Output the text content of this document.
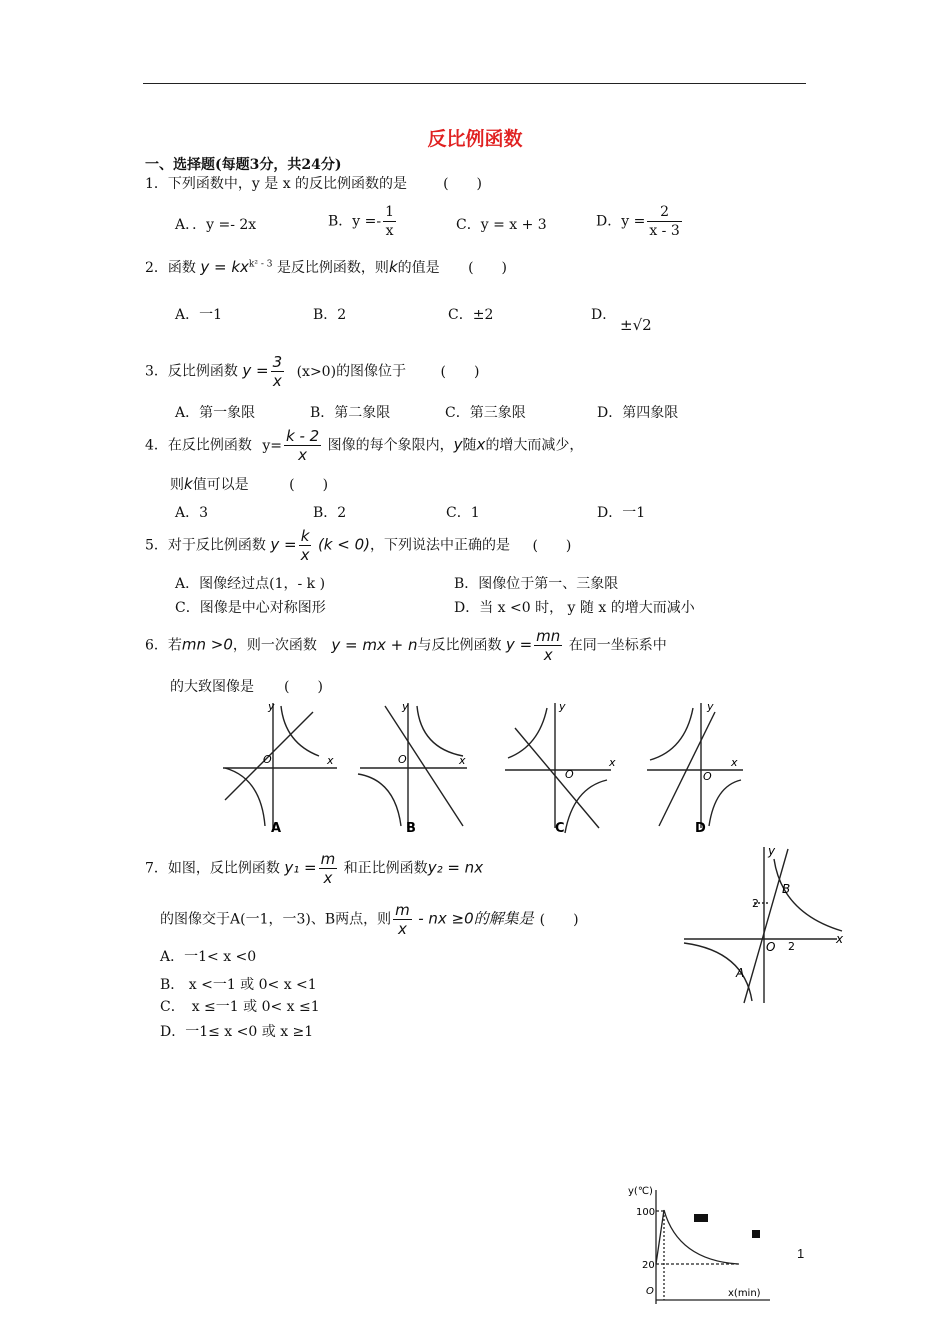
反比例函数
一、选择题(每题3分，共24分)
1．下列函数中，y 是 x 的反比例函数的是	(　　)
A．．y =- 2x	B．$y =- \frac{1}{x}$	C．y = x + 3	D．$y = \frac{2}{x - 3}$
2．函数 $y = kx^{k^2 - 3}$ 是反比例函数，则k的值是 (　　)
A．一1	B．2	C．±2	D．
±√2
3．反比例函数 $y = \frac{3}{x} (x>0)$的图像位于 (　　)
A．第一象限	B．第二象限	C．第三象限	D．第四象限
4．在反比例函数 $y= \frac{k - 2}{x}$ 图像的每个象限内，y随x的增大而减少，
则k值可以是	(　　)
A．3	B．2	C．1	D．一1
5．对于反比例函数 $y = \frac{k}{x} (k < 0)$，下列说法中正确的是 (　　)
A．图像经过点(1，- k )	B．图像位于第一、三象限
C．图像是中心对称图形	D．当 x <0 时， y 随 x 的增大而减小
6．若mn >0，则一次函数 y = mx + n与反比例函数 $y = \frac{mn}{x}$ 在同一坐标系中
的大致图像是 (　　)
O
y
x
A
O
y
x
B
O
y
x
C
O
y
x
D
7．如图，反比例函数 $y_1 = \frac{m}{x}$ 和正比例函数y₂ = nx
的图像交于A(一1，一3)、B两点，则 $\frac{m}{x}$ - nx ≥0的解集是 (　　)
A．一1< x <0
B． x <一1 或 0< x <1
C．　x ≤一1 或 0< x ≤1
D．一1≤ x <0 或 x ≥1
y
x
O 2
2
B
A
y(℃)
x(min)
100
20
O
1
